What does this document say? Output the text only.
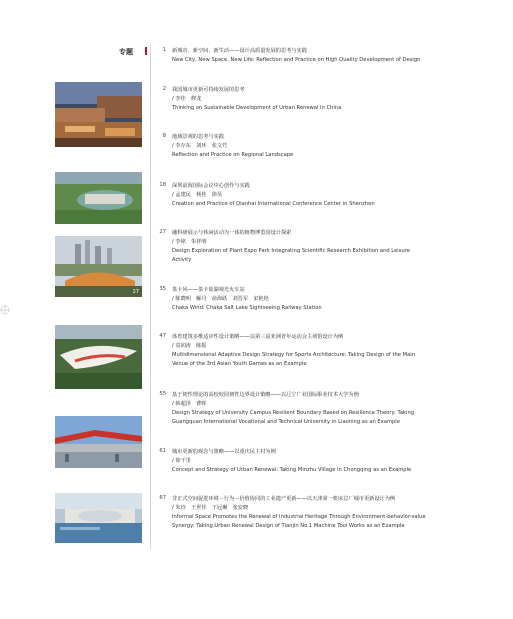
专题
27
1 新城市、新空间、新生活——设计高质量发展的思考与实践
New City, New Space, New Life: Reflection and Practice on High Quality Development of Design
2 我国城市更新可持续发展的思考
/ 李佳　修龙
Thinking on Sustainable Development of Urban Renewal in China
8 地域景观的思考与实践
/ 李存东　刘环　张文竹
Reflection and Practice on Regional Landscape
18 深圳前海国际会议中心创作与实践
/ 孟建民　杨桂　徐昊
Creation and Practice of Qianhai International Conference Center in Shenzhen
27 融科研展示与休闲活动为一体的植物博览园设计探索
/ 李铭　朱祥明
Design Exploration of Plant Expo Park Integrating Scientific Research Exhibition and Leisure Activity
35 茶卡风——茶卡盐湖观光火车站
/ 陈晓明　解丹　俞海跃　刘晋军　宋艳艳
Chaka Wind: Chaka Salt Lake Sightseeing Railway Station
47 体育建筑多维适应性设计策略——以第三届亚洲青年运动会主场馆设计为例
/ 袁润涛　陈振
Multidimensional Adaptive Design Strategy for Sports Architecture: Taking Design of the Main Venue of the 3rd Asian Youth Games as an Example
55 基于韧性理论的高校校园韧性边界设计策略——以辽宁广业国际职业技术大学为例
/ 韩超泽　曹晖
Design Strategy of University Campus Resilient Boundary Based on Resilience Theory: Taking Guangquan International Vocational and Technical University in Liaoning as an Example
61 城市更新的观念与策略——以重庆民主村为例
/ 徐千里
Concept and Strategy of Urban Renewal: Taking Minzhu Village in Chongqing as an Example
67 非正式空间促进环境－行为－价值协同的工业遗产更新——以天津第一机床总厂城市更新设计为例
/ 朱玲　王世佳　王冠琳　张安晓
Informal Space Promotes the Renewal of Industrial Heritage Through Environment-behavior-value Synergy: Taking Urban Renewal Design of Tianjin No.1 Machine Tool Works as an Example
